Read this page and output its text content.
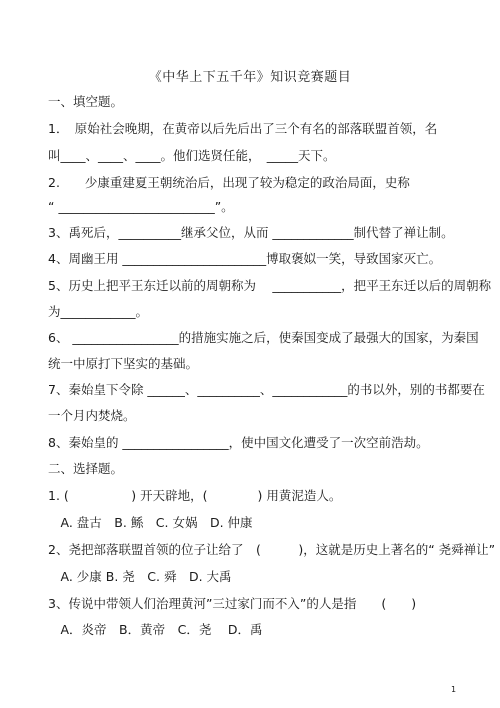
《中华上下五千年》知识竞赛题目
一、填空题。
1．　原始社会晚期，在黄帝以后先后出了三个有名的部落联盟首领，名
叫____、____、____。他们选贤任能，　_____天下。
2.　　少康重建夏王朝统治后，出现了较为稳定的政治局面，史称
“ _________________________”。
3、禹死后，__________继承父位，从而 _____________制代替了禅让制。
4、周幽王用 _______________________博取褒姒一笑，导致国家灭亡。
5、历史上把平王东迁以前的周朝称为　 ___________，把平王东迁以后的周朝称
为____________。
6、 _________________的措施实施之后，使秦国变成了最强大的国家，为秦国
统一中原打下坚实的基础。
7、秦始皇下令除 ______、__________、____________的书以外，别的书都要在
一个月内焚烧。
8、秦始皇的 _________________，使中国文化遭受了一次空前浩劫。
二、选择题。
1. (　　　　　) 开天辟地，(　　　　) 用黄泥造人。
　A. 盘古　B. 鲧　C. 女娲　D. 仲康
2、尧把部落联盟首领的位子让给了　(　　　)，这就是历史上著名的“ 尧舜禅让”
　A. 少康 B. 尧　C. 舜　D. 大禹
3、传说中带领人们治理黄河”三过家门而不入”的人是指　　(　　)
　A．炎帝　B．黄帝　C．尧　 D．禹
1
